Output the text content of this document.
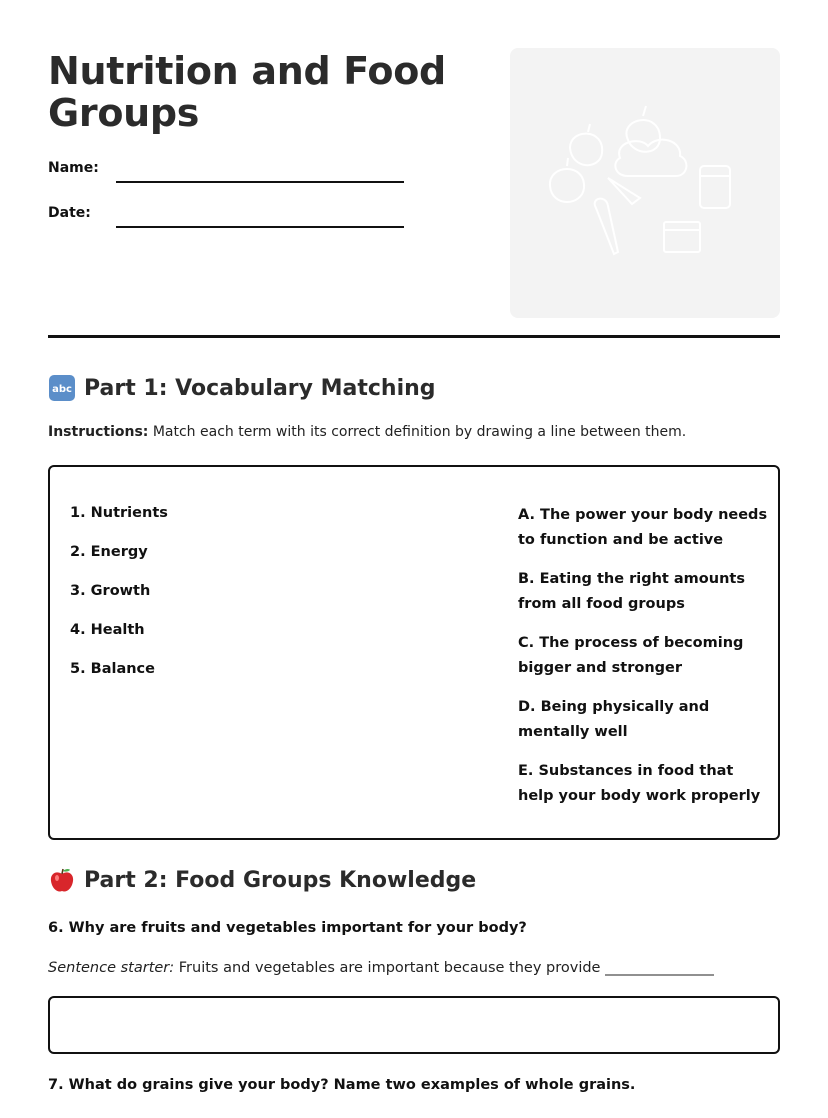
Nutrition and Food Groups
Name:
Date:
abc Part 1: Vocabulary Matching

Instructions: Match each term with its correct definition by drawing a line between them.

1. Nutrients
2. Energy
3. Growth
4. Health
5. Balance
A. The power your body needs to function and be active
B. Eating the right amounts from all food groups
C. The process of becoming bigger and stronger
D. Being physically and mentally well
E. Substances in food that help your body work properly
Part 2: Food Groups Knowledge

6. Why are fruits and vegetables important for your body?

Sentence starter: Fruits and vegetables are important because they provide _______________

7. What do grains give your body? Name two examples of whole grains.
